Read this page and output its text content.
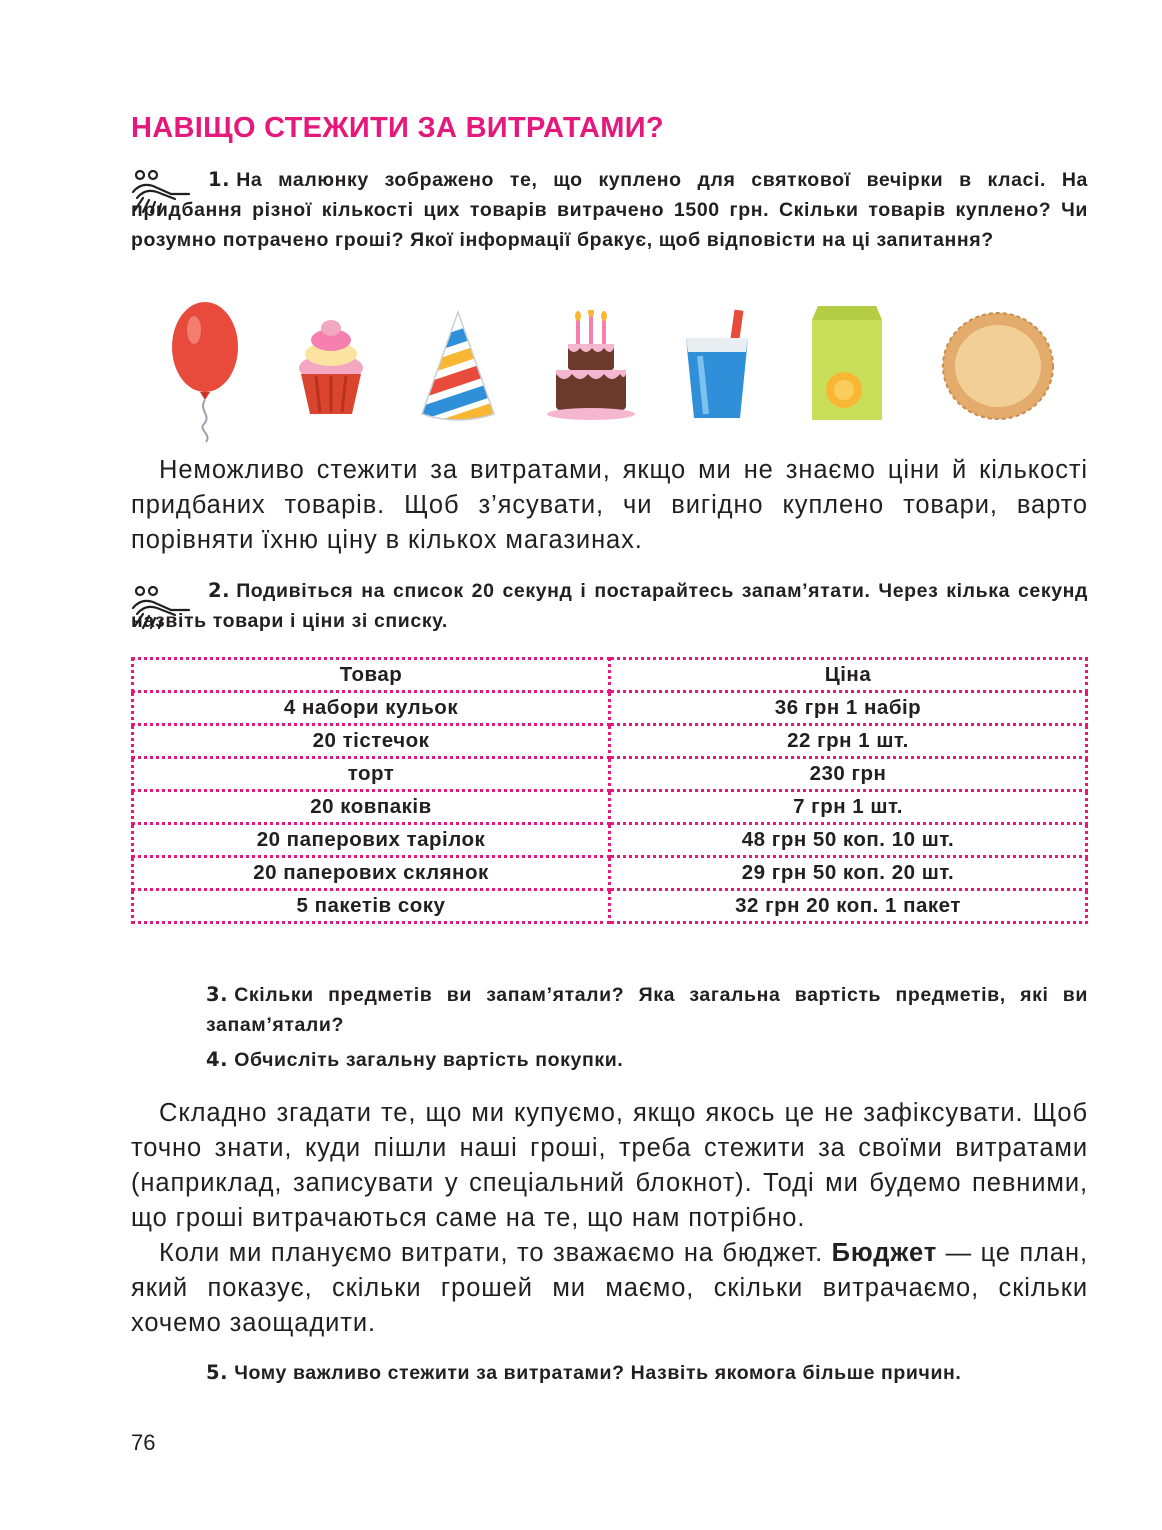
НАВІЩО СТЕЖИТИ ЗА ВИТРАТАМИ?
1. На малюнку зображено те, що куплено для святкової вечірки в класі. На придбання різної кількості цих товарів витрачено 1500 грн. Скільки товарів куплено? Чи розумно потрачено гроші? Якої інформації бракує, щоб відповісти на ці запитання?
Неможливо стежити за витратами, якщо ми не знаємо ціни й кількості придбаних товарів. Щоб з’ясувати, чи вигідно куплено товари, варто порівняти їхню ціну в кількох магазинах.
2. Подивіться на список 20 секунд і постарайтесь запам’ятати. Через кілька секунд назвіть товари і ціни зі списку.
Товар	Ціна
4 набори кульок	36 грн 1 набір
20 тістечок	22 грн 1 шт.
торт	230 грн
20 ковпаків	7 грн 1 шт.
20 паперових тарілок	48 грн 50 коп. 10 шт.
20 паперових склянок	29 грн 50 коп. 20 шт.
5 пакетів соку	32 грн 20 коп. 1 пакет
3. Скільки предметів ви запам’ятали? Яка загальна вартість предметів, які ви запам’ятали?
4. Обчисліть загальну вартість покупки.
Складно згадати те, що ми купуємо, якщо якось це не зафіксувати. Щоб точно знати, куди пішли наші гроші, треба стежити за своїми витратами (наприклад, записувати у спеціальний блокнот). Тоді ми будемо певними, що гроші витрачаються саме на те, що нам потрібно.
Коли ми плануємо витрати, то зважаємо на бюджет. Бюджет — це план, який показує, скільки грошей ми маємо, скільки витрачаємо, скільки хочемо заощадити.
5. Чому важливо стежити за витратами? Назвіть якомога більше причин.
76
